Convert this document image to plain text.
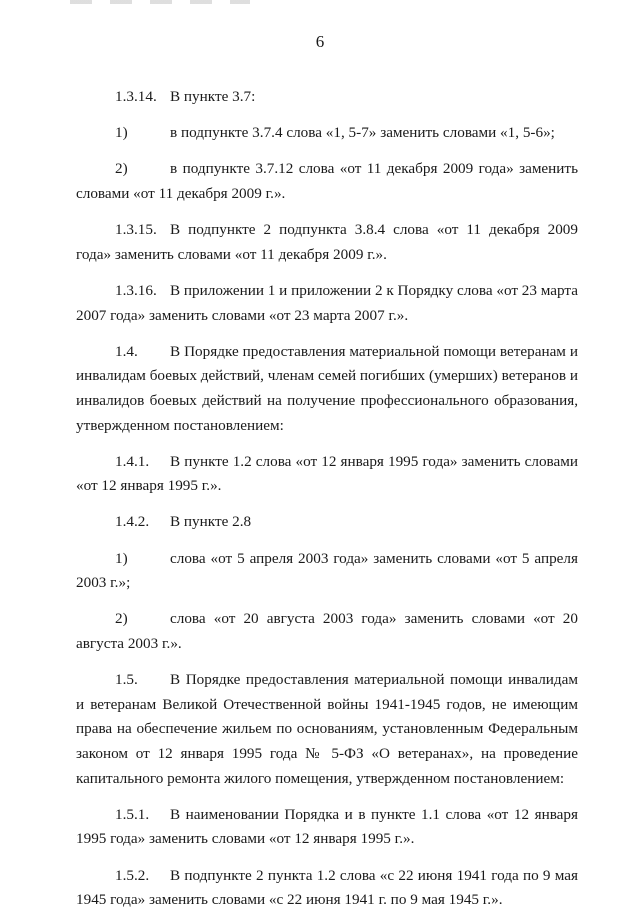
6

1.3.14. В пункте 3.7:

1)	в подпункте 3.7.4 слова «1, 5-7» заменить словами «1, 5-6»;

2)	в подпункте 3.7.12 слова «от 11 декабря 2009 года» заменить словами «от 11 декабря 2009 г.».

1.3.15. В подпункте 2 подпункта 3.8.4 слова «от 11 декабря 2009 года» заменить словами «от 11 декабря 2009 г.».

1.3.16. В приложении 1 и приложении 2 к Порядку слова «от 23 марта 2007 года» заменить словами «от 23 марта 2007 г.».

1.4. В Порядке предоставления материальной помощи ветеранам и инвалидам боевых действий, членам семей погибших (умерших) ветеранов и инвалидов боевых действий на получение профессионального образования, утвержденном постановлением:

1.4.1. В пункте 1.2 слова «от 12 января 1995 года» заменить словами «от 12 января 1995 г.».

1.4.2. В пункте 2.8

1)	слова «от 5 апреля 2003 года» заменить словами «от 5 апреля 2003 г.»;

2)	слова «от 20 августа 2003 года» заменить словами «от 20 августа 2003 г.».

1.5. В Порядке предоставления материальной помощи инвалидам и ветеранам Великой Отечественной войны 1941-1945 годов, не имеющим права на обеспечение жильем по основаниям, установленным Федеральным законом от 12 января 1995 года № 5-ФЗ «О ветеранах», на проведение капитального ремонта жилого помещения, утвержденном постановлением:

1.5.1. В наименовании Порядка и в пункте 1.1 слова «от 12 января 1995 года» заменить словами «от 12 января 1995 г.».

1.5.2. В подпункте 2 пункта 1.2 слова «с 22 июня 1941 года по 9 мая 1945 года» заменить словами «с 22 июня 1941 г. по 9 мая 1945 г.».
